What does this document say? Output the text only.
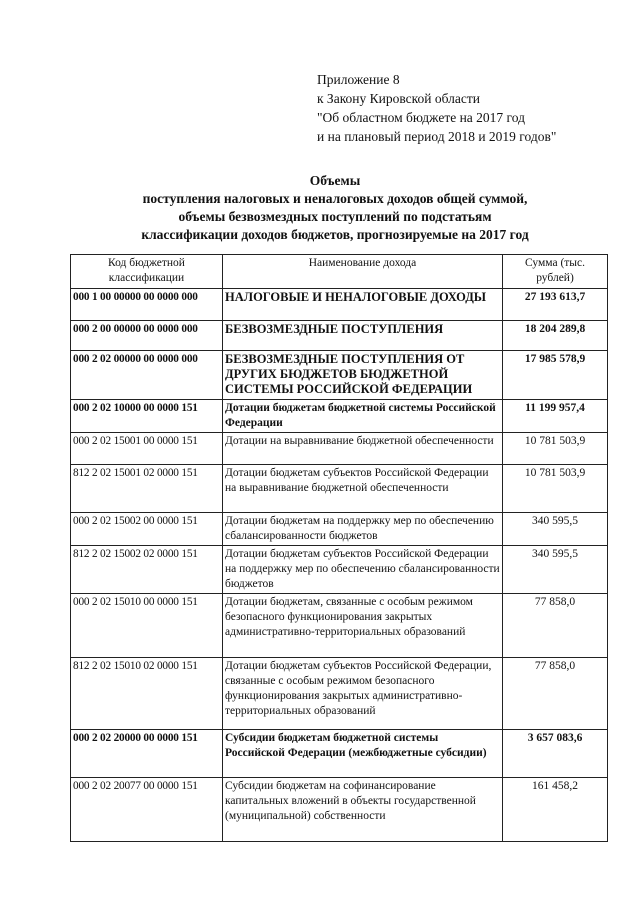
Приложение 8
к Закону Кировской области
"Об областном бюджете на 2017 год
и на плановый период 2018 и 2019 годов"
Объемы
поступления налоговых и неналоговых доходов общей суммой,
объемы безвозмездных поступлений по подстатьям
классификации доходов бюджетов, прогнозируемые на 2017 год
Код бюджетной классификации	Наименование дохода	Сумма (тыс. рублей)
000 1 00 00000 00 0000 000	НАЛОГОВЫЕ И НЕНАЛОГОВЫЕ ДОХОДЫ	27 193 613,7
000 2 00 00000 00 0000 000	БЕЗВОЗМЕЗДНЫЕ ПОСТУПЛЕНИЯ	18 204 289,8
000 2 02 00000 00 0000 000	БЕЗВОЗМЕЗДНЫЕ ПОСТУПЛЕНИЯ ОТ ДРУГИХ БЮДЖЕТОВ БЮДЖЕТНОЙ СИСТЕМЫ РОССИЙСКОЙ ФЕДЕРАЦИИ	17 985 578,9
000 2 02 10000 00 0000 151	Дотации бюджетам бюджетной системы Российской Федерации	11 199 957,4
000 2 02 15001 00 0000 151	Дотации на выравнивание бюджетной обеспеченности	10 781 503,9
812 2 02 15001 02 0000 151	Дотации бюджетам субъектов Российской Федерации на выравнивание бюджетной обеспеченности	10 781 503,9
000 2 02 15002 00 0000 151	Дотации бюджетам на поддержку мер по обеспечению сбалансированности бюджетов	340 595,5
812 2 02 15002 02 0000 151	Дотации бюджетам субъектов Российской Федерации на поддержку мер по обеспечению сбалансированности бюджетов	340 595,5
000 2 02 15010 00 0000 151	Дотации бюджетам, связанные с особым режимом безопасного функционирования закрытых административно-территориальных образований	77 858,0
812 2 02 15010 02 0000 151	Дотации бюджетам субъектов Российской Федерации, связанные с особым режимом безопасного функционирования закрытых административно-территориальных образований	77 858,0
000 2 02 20000 00 0000 151	Субсидии бюджетам бюджетной системы Российской Федерации (межбюджетные субсидии)	3 657 083,6
000 2 02 20077 00 0000 151	Субсидии бюджетам на софинансирование капитальных вложений в объекты государственной (муниципальной) собственности	161 458,2
